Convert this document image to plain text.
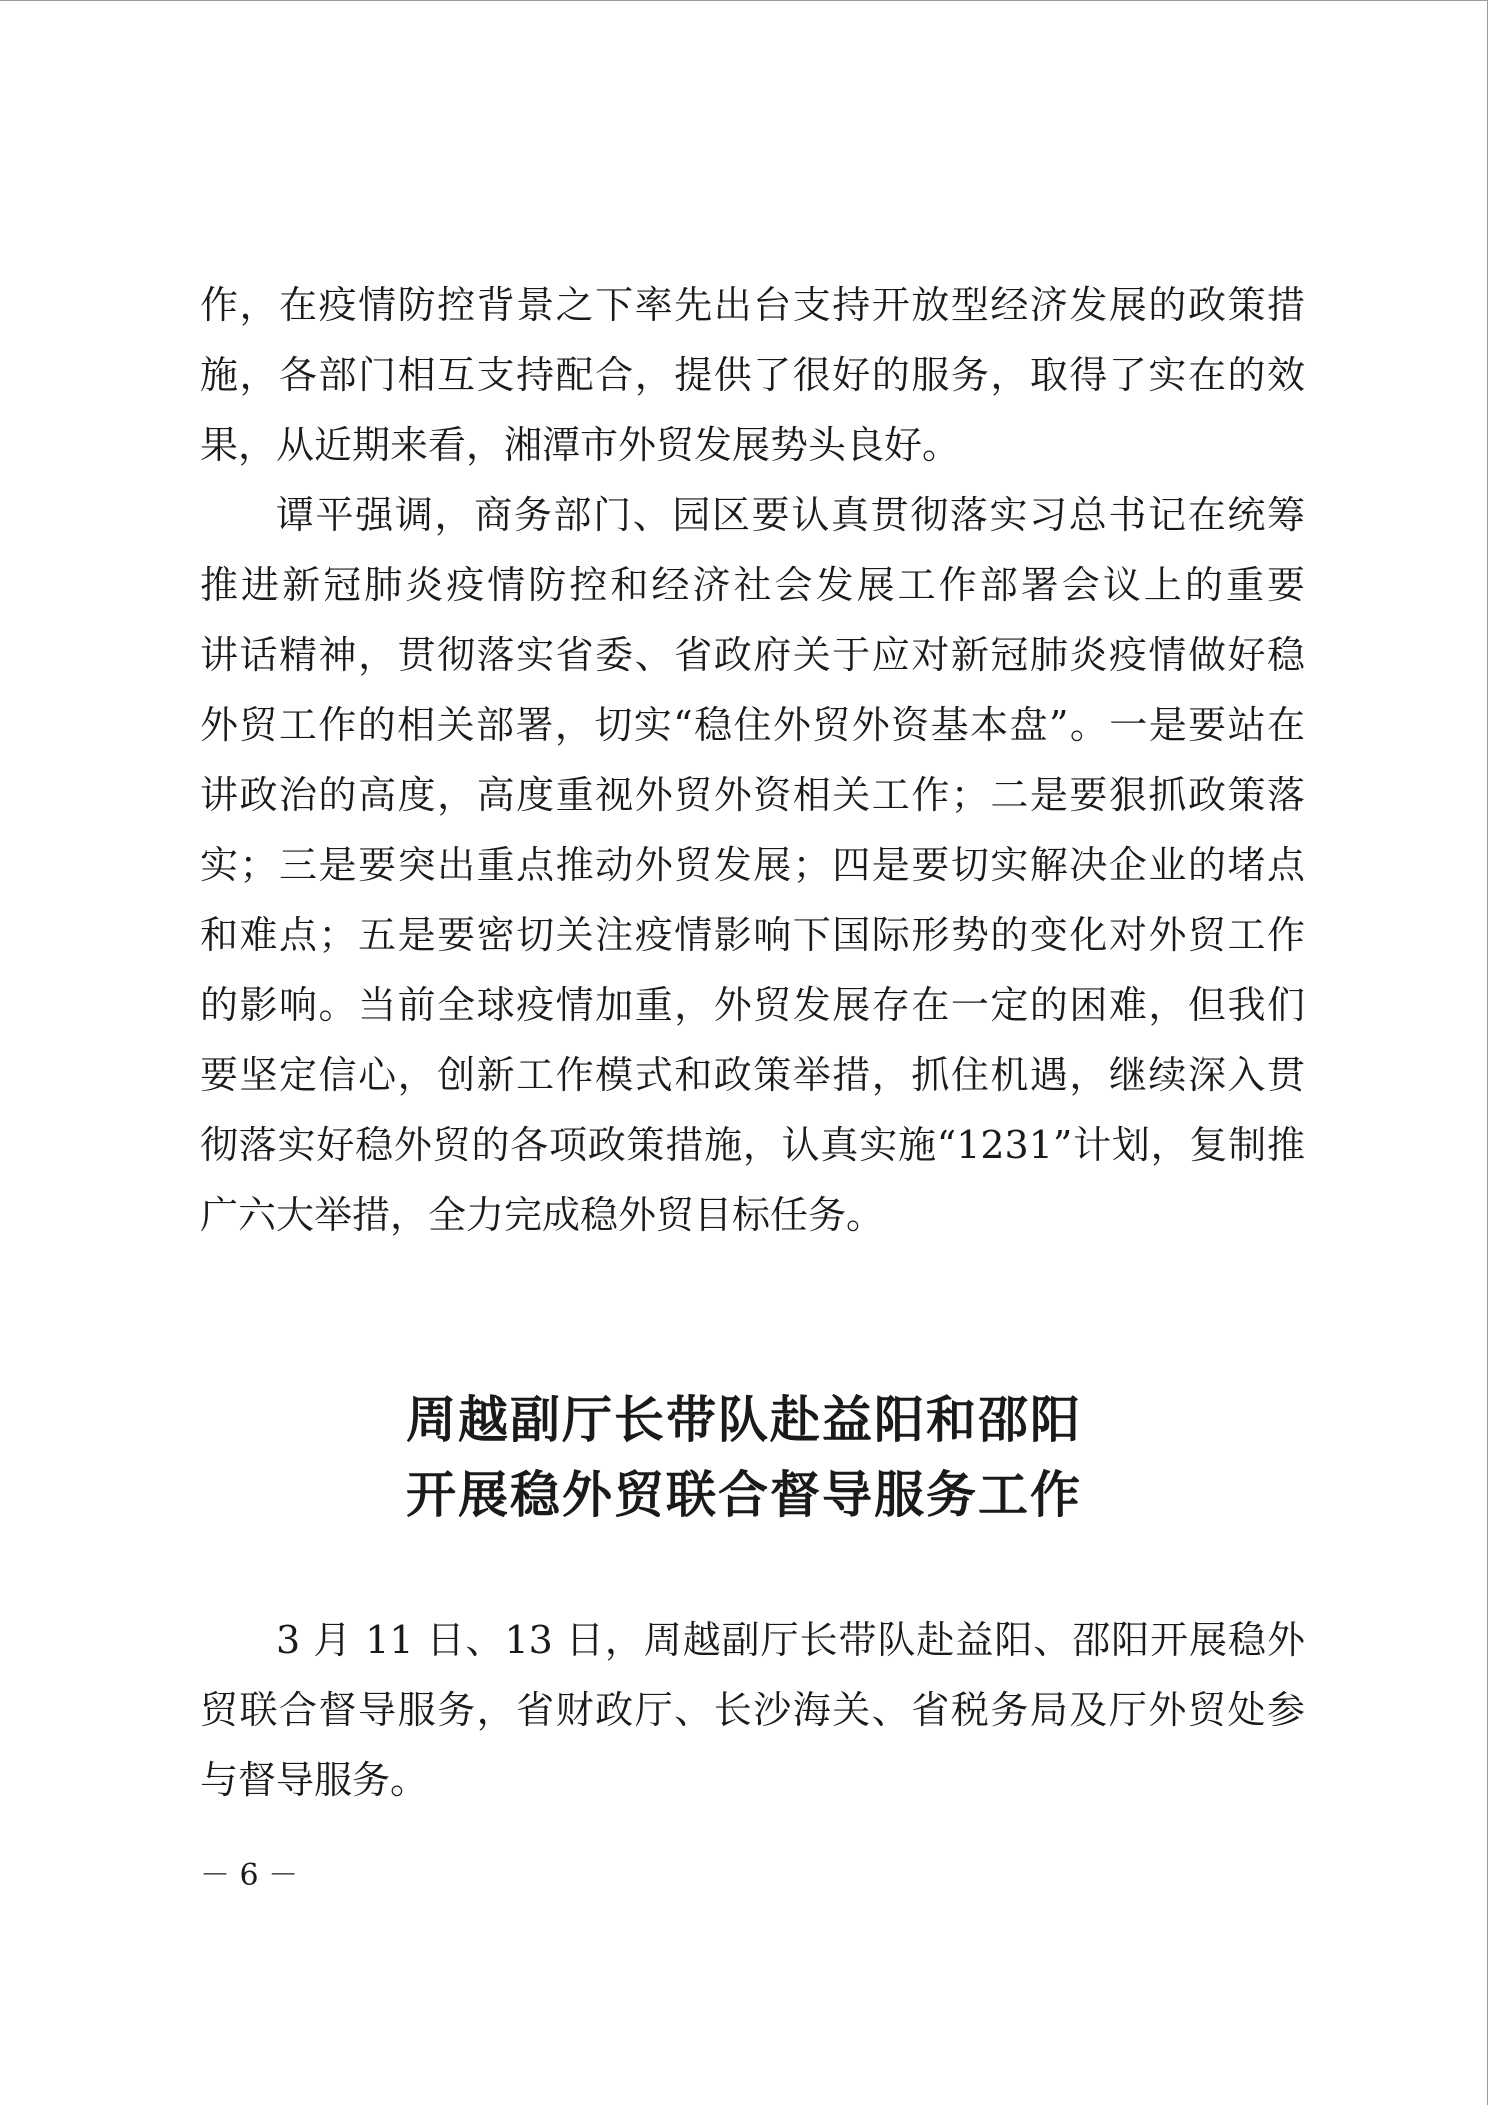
作，在疫情防控背景之下率先出台支持开放型经济发展的政策措
施，各部门相互支持配合，提供了很好的服务，取得了实在的效
果，从近期来看，湘潭市外贸发展势头良好。
谭平强调，商务部门、园区要认真贯彻落实习总书记在统筹
推进新冠肺炎疫情防控和经济社会发展工作部署会议上的重要
讲话精神，贯彻落实省委、省政府关于应对新冠肺炎疫情做好稳
外贸工作的相关部署，切实“稳住外贸外资基本盘”。一是要站在
讲政治的高度，高度重视外贸外资相关工作；二是要狠抓政策落
实；三是要突出重点推动外贸发展；四是要切实解决企业的堵点
和难点；五是要密切关注疫情影响下国际形势的变化对外贸工作
的影响。当前全球疫情加重，外贸发展存在一定的困难，但我们
要坚定信心，创新工作模式和政策举措，抓住机遇，继续深入贯
彻落实好稳外贸的各项政策措施，认真实施“1231”计划，复制推
广六大举措，全力完成稳外贸目标任务。
周越副厅长带队赴益阳和邵阳
开展稳外贸联合督导服务工作
3 月 11 日、13 日，周越副厅长带队赴益阳、邵阳开展稳外
贸联合督导服务，省财政厅、长沙海关、省税务局及厅外贸处参
与督导服务。
－ 6 －
